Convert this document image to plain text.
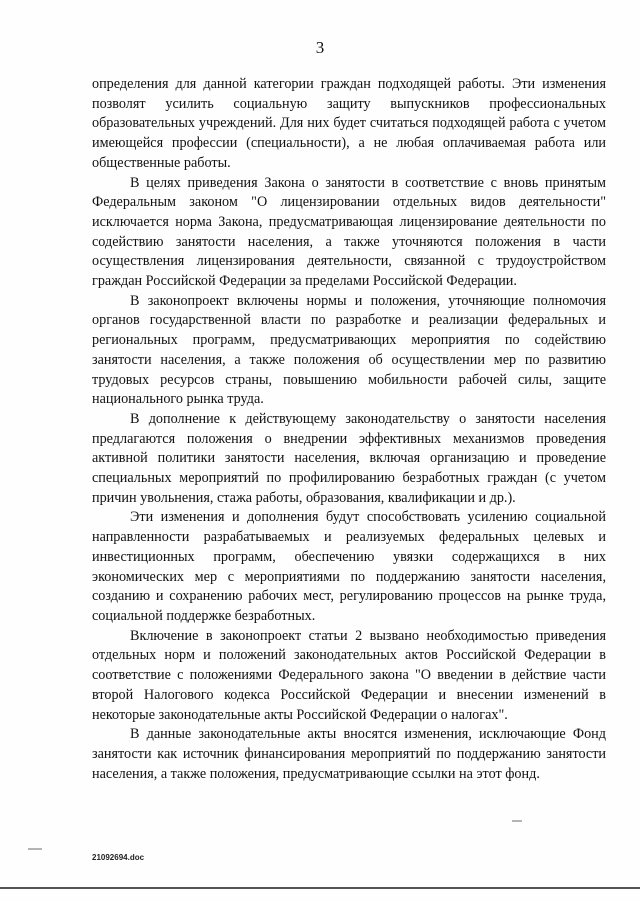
3

определения для данной категории граждан подходящей работы. Эти изменения позволят усилить социальную защиту выпускников профессиональных образовательных учреждений. Для них будет считаться подходящей работа с учетом имеющейся профессии (специальности), а не любая оплачиваемая работа или общественные работы.

В целях приведения Закона о занятости в соответствие с вновь принятым Федеральным законом "О лицензировании отдельных видов деятельности" исключается норма Закона, предусматривающая лицензирование деятельности по содействию занятости населения, а также уточняются положения в части осуществления лицензирования деятельности, связанной с трудоустройством граждан Российской Федерации за пределами Российской Федерации.

В законопроект включены нормы и положения, уточняющие полномочия органов государственной власти по разработке и реализации федеральных и региональных программ, предусматривающих мероприятия по содействию занятости населения, а также положения об осуществлении мер по развитию трудовых ресурсов страны, повышению мобильности рабочей силы, защите национального рынка труда.

В дополнение к действующему законодательству о занятости населения предлагаются положения о внедрении эффективных механизмов проведения активной политики занятости населения, включая организацию и проведение специальных мероприятий по профилированию безработных граждан (с учетом причин увольнения, стажа работы, образования, квалификации и др.).

Эти изменения и дополнения будут способствовать усилению социальной направленности разрабатываемых и реализуемых федеральных целевых и инвестиционных программ, обеспечению увязки содержащихся в них экономических мер с мероприятиями по поддержанию занятости населения, созданию и сохранению рабочих мест, регулированию процессов на рынке труда, социальной поддержке безработных.

Включение в законопроект статьи 2 вызвано необходимостью приведения отдельных норм и положений законодательных актов Российской Федерации в соответствие с положениями Федерального закона "О введении в действие части второй Налогового кодекса Российской Федерации и внесении изменений в некоторые законодательные акты Российской Федерации о налогах".

В данные законодательные акты вносятся изменения, исключающие Фонд занятости как источник финансирования мероприятий по поддержанию занятости населения, а также положения, предусматривающие ссылки на этот фонд.

21092694.doc
